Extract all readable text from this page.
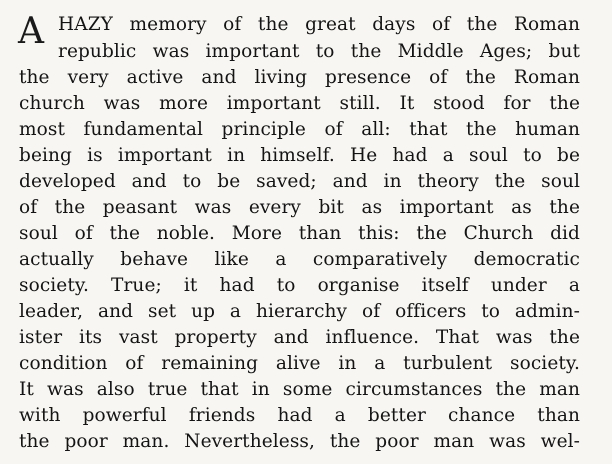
A HAZY memory of the great days of the Roman
republic was important to the Middle Ages; but
the very active and living presence of the Roman
church was more important still. It stood for the
most fundamental principle of all: that the human
being is important in himself. He had a soul to be
developed and to be saved; and in theory the soul
of the peasant was every bit as important as the
soul of the noble. More than this: the Church did
actually behave like a comparatively democratic
society. True; it had to organise itself under a
leader, and set up a hierarchy of officers to admin-
ister its vast property and influence. That was the
condition of remaining alive in a turbulent society.
It was also true that in some circumstances the man
with powerful friends had a better chance than
the poor man. Nevertheless, the poor man was wel-
